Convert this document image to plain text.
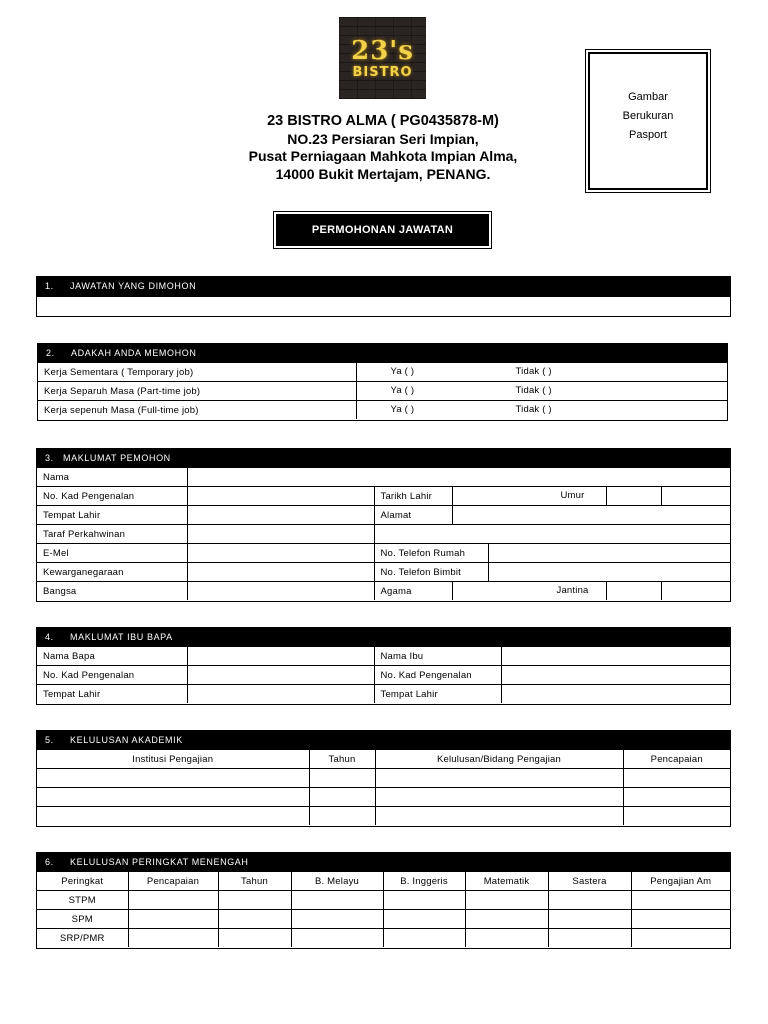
23's
BISTRO
23 BISTRO ALMA ( PG0435878-M)
NO.23 Persiaran Seri Impian,
Pusat Perniagaan Mahkota Impian Alma,
14000 Bukit Mertajam, PENANG.
Gambar
Berukuran
Pasport
PERMOHONAN JAWATAN
1. JAWATAN YANG DIMOHON
2. ADAKAH ANDA MEMOHON
Kerja Sementara ( Temporary job)	Ya ( ) Tidak ( )

Kerja Separuh Masa (Part-time job)	Ya ( ) Tidak ( )

Kerja sepenuh Masa (Full-time job)	Ya ( ) Tidak ( )
3. MAKLUMAT PEMOHON
Nama						
No. Kad Pengenalan		Tarikh Lahir	Umur			

Tempat Lahir		Alamat				
Taraf Perkahwinan						
E-Mel		No. Telefon Rumah				
Kewarganegaraan		No. Telefon Bimbit				
Bangsa		Agama	Jantina			

4. MAKLUMAT IBU BAPA
Nama Bapa		Nama Ibu	
No. Kad Pengenalan		No. Kad Pengenalan	
Tempat Lahir		Tempat Lahir	
5. KELULUSAN AKADEMIK
Institusi Pengajian	Tahun	Kelulusan/Bidang Pengajian	Pencapaian

6. KELULUSAN PERINGKAT MENENGAH
Peringkat	Pencapaian	Tahun	B. Melayu	B. Inggeris	Matematik	Sastera	Pengajian Am
STPM							
SPM							
SRP/PMR							
